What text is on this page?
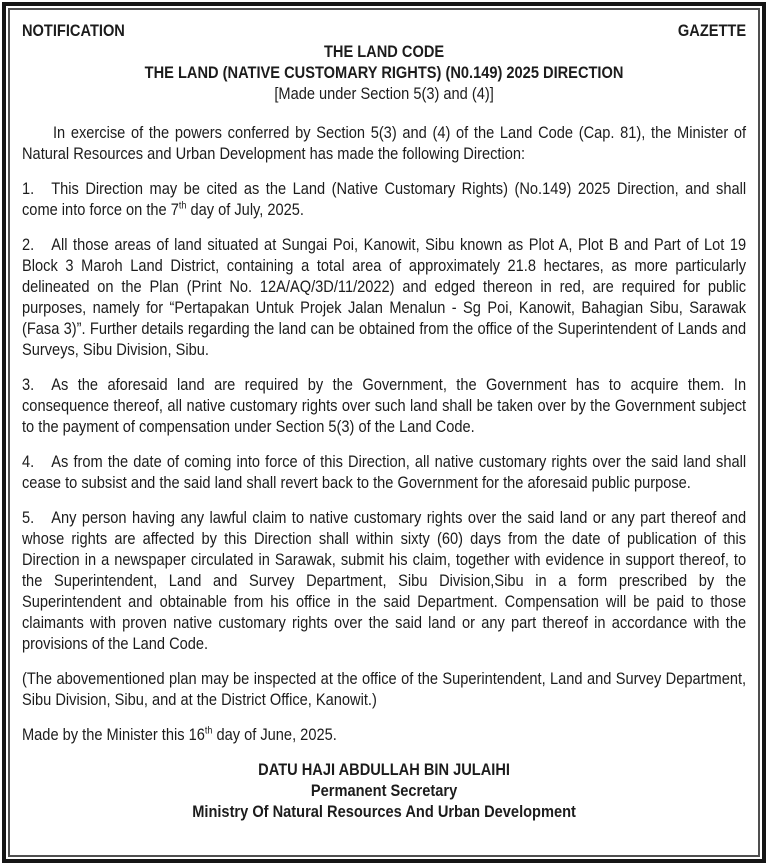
NOTIFICATION	GAZETTE
THE LAND CODE
THE LAND (NATIVE CUSTOMARY RIGHTS) (N0.149) 2025 DIRECTION
[Made under Section 5(3) and (4)]

In exercise of the powers conferred by Section 5(3) and (4) of the Land Code (Cap. 81), the Minister of Natural Resources and Urban Development has made the following Direction:

1. This Direction may be cited as the Land (Native Customary Rights) (No.149) 2025 Direction, and shall come into force on the 7th day of July, 2025.

2. All those areas of land situated at Sungai Poi, Kanowit, Sibu known as Plot A, Plot B and Part of Lot 19 Block 3 Maroh Land District, containing a total area of approximately 21.8 hectares, as more particularly delineated on the Plan (Print No. 12A/AQ/3D/11/2022) and edged thereon in red, are required for public purposes, namely for “Pertapakan Untuk Projek Jalan Menalun - Sg Poi, Kanowit, Bahagian Sibu, Sarawak (Fasa 3)”. Further details regarding the land can be obtained from the office of the Superintendent of Lands and Surveys, Sibu Division, Sibu.

3. As the aforesaid land are required by the Government, the Government has to acquire them. In consequence thereof, all native customary rights over such land shall be taken over by the Government subject to the payment of compensation under Section 5(3) of the Land Code.

4. As from the date of coming into force of this Direction, all native customary rights over the said land shall cease to subsist and the said land shall revert back to the Government for the aforesaid public purpose.

5. Any person having any lawful claim to native customary rights over the said land or any part thereof and whose rights are affected by this Direction shall within sixty (60) days from the date of publication of this Direction in a newspaper circulated in Sarawak, submit his claim, together with evidence in support thereof, to the Superintendent, Land and Survey Department, Sibu Division,Sibu in a form prescribed by the Superintendent and obtainable from his office in the said Department. Compensation will be paid to those claimants with proven native customary rights over the said land or any part thereof in accordance with the provisions of the Land Code.

(The abovementioned plan may be inspected at the office of the Superintendent, Land and Survey Department, Sibu Division, Sibu, and at the District Office, Kanowit.)

Made by the Minister this 16th day of June, 2025.

DATU HAJI ABDULLAH BIN JULAIHI
Permanent Secretary
Ministry Of Natural Resources And Urban Development
